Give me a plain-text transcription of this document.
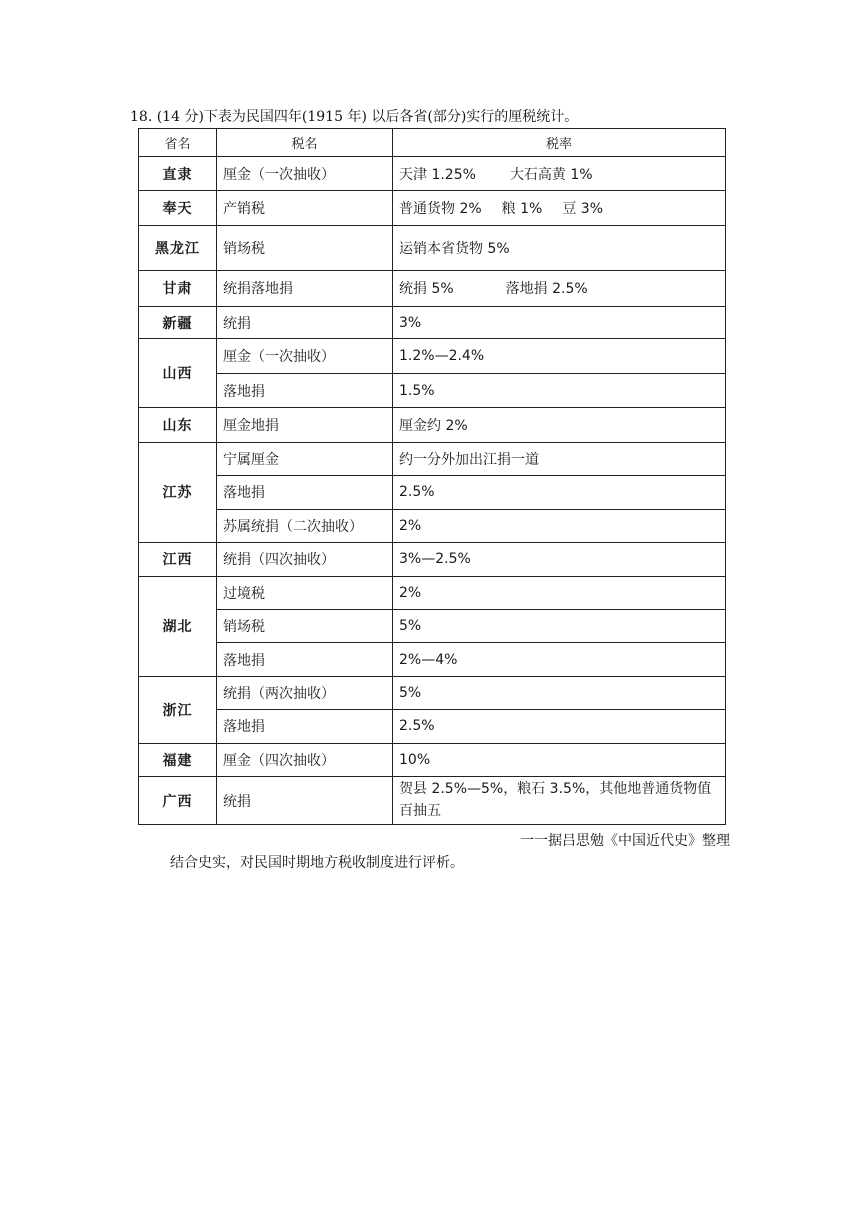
18. (14 分)下表为民国四年(1915 年) 以后各省(部分)实行的厘税统计。
省名	税名	税率
直隶	厘金（一次抽收）	天津 1.25% 大石高黄 1%
奉天	产销税	普通货物 2% 粮 1% 豆 3%
黑龙江	销场税	运销本省货物 5%
甘肃	统捐落地捐	统捐 5% 落地捐 2.5%
新疆	统捐	3%
山西	厘金（一次抽收）	1.2%—2.4%
	落地捐	1.5%
山东	厘金地捐	厘金约 2%
江苏	宁属厘金	约一分外加出江捐一道
	落地捐	2.5%
	苏属统捐（二次抽收）	2%
江西	统捐（四次抽收）	3%—2.5%
湖北	过境税	2%
	销场税	5%
	落地捐	2%—4%
浙江	统捐（两次抽收）	5%
	落地捐	2.5%
福建	厘金（四次抽收）	10%
广西	统捐	贺县 2.5%—5%，粮石 3.5%，其他地普通货物值百抽五
一一据吕思勉《中国近代史》整理
结合史实，对民国时期地方税收制度进行评析。
